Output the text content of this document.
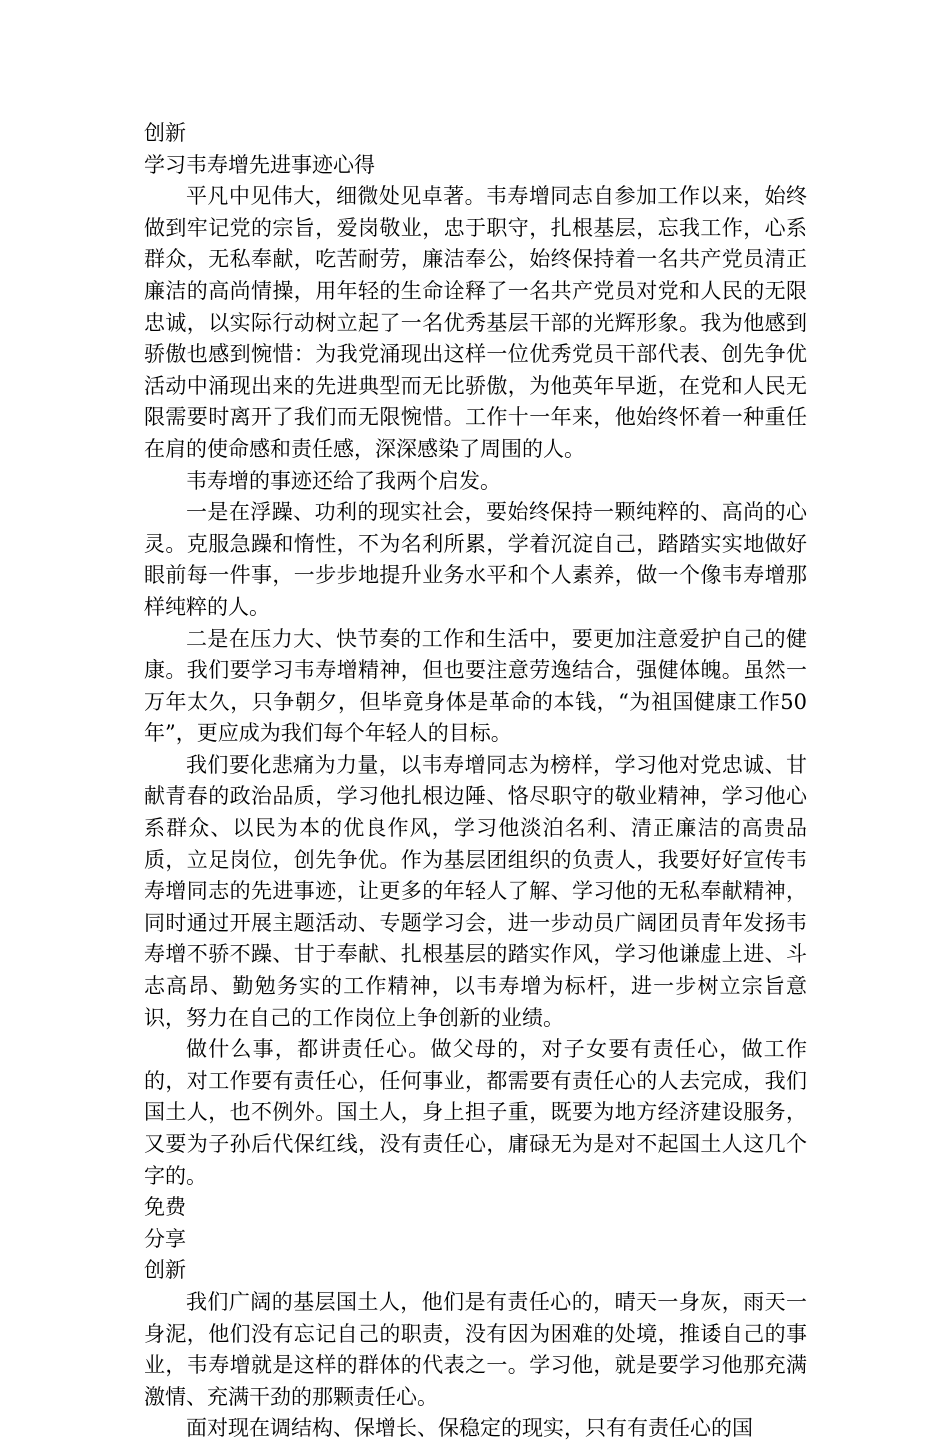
创新

学习韦寿增先进事迹心得

平凡中见伟大，细微处见卓著。韦寿增同志自参加工作以来，始终做到牢记党的宗旨，爱岗敬业，忠于职守，扎根基层，忘我工作，心系群众，无私奉献，吃苦耐劳，廉洁奉公，始终保持着一名共产党员清正廉洁的高尚情操，用年轻的生命诠释了一名共产党员对党和人民的无限忠诚，以实际行动树立起了一名优秀基层干部的光辉形象。我为他感到骄傲也感到惋惜：为我党涌现出这样一位优秀党员干部代表、创先争优活动中涌现出来的先进典型而无比骄傲，为他英年早逝，在党和人民无限需要时离开了我们而无限惋惜。工作十一年来，他始终怀着一种重任在肩的使命感和责任感，深深感染了周围的人。

韦寿增的事迹还给了我两个启发。

一是在浮躁、功利的现实社会，要始终保持一颗纯粹的、高尚的心灵。克服急躁和惰性，不为名利所累，学着沉淀自己，踏踏实实地做好眼前每一件事，一步步地提升业务水平和个人素养，做一个像韦寿增那样纯粹的人。

二是在压力大、快节奏的工作和生活中，要更加注意爱护自己的健康。我们要学习韦寿增精神，但也要注意劳逸结合，强健体魄。虽然一万年太久，只争朝夕，但毕竟身体是革命的本钱，“为祖国健康工作50年”，更应成为我们每个年轻人的目标。

我们要化悲痛为力量，以韦寿增同志为榜样，学习他对党忠诚、甘献青春的政治品质，学习他扎根边陲、恪尽职守的敬业精神，学习他心系群众、以民为本的优良作风，学习他淡泊名利、清正廉洁的高贵品质，立足岗位，创先争优。作为基层团组织的负责人，我要好好宣传韦寿增同志的先进事迹，让更多的年轻人了解、学习他的无私奉献精神，同时通过开展主题活动、专题学习会，进一步动员广阔团员青年发扬韦寿增不骄不躁、甘于奉献、扎根基层的踏实作风，学习他谦虚上进、斗志高昂、勤勉务实的工作精神，以韦寿增为标杆，进一步树立宗旨意识，努力在自己的工作岗位上争创新的业绩。

做什么事，都讲责任心。做父母的，对子女要有责任心，做工作的，对工作要有责任心，任何事业，都需要有责任心的人去完成，我们国土人，也不例外。国土人，身上担子重，既要为地方经济建设服务，又要为子孙后代保红线，没有责任心，庸碌无为是对不起国土人这几个字的。

免费

分享

创新

我们广阔的基层国土人，他们是有责任心的，晴天一身灰，雨天一身泥，他们没有忘记自己的职责，没有因为困难的处境，推诿自己的事业，韦寿增就是这样的群体的代表之一。学习他，就是要学习他那充满激情、充满干劲的那颗责任心。

面对现在调结构、保增长、保稳定的现实，只有有责任心的国
